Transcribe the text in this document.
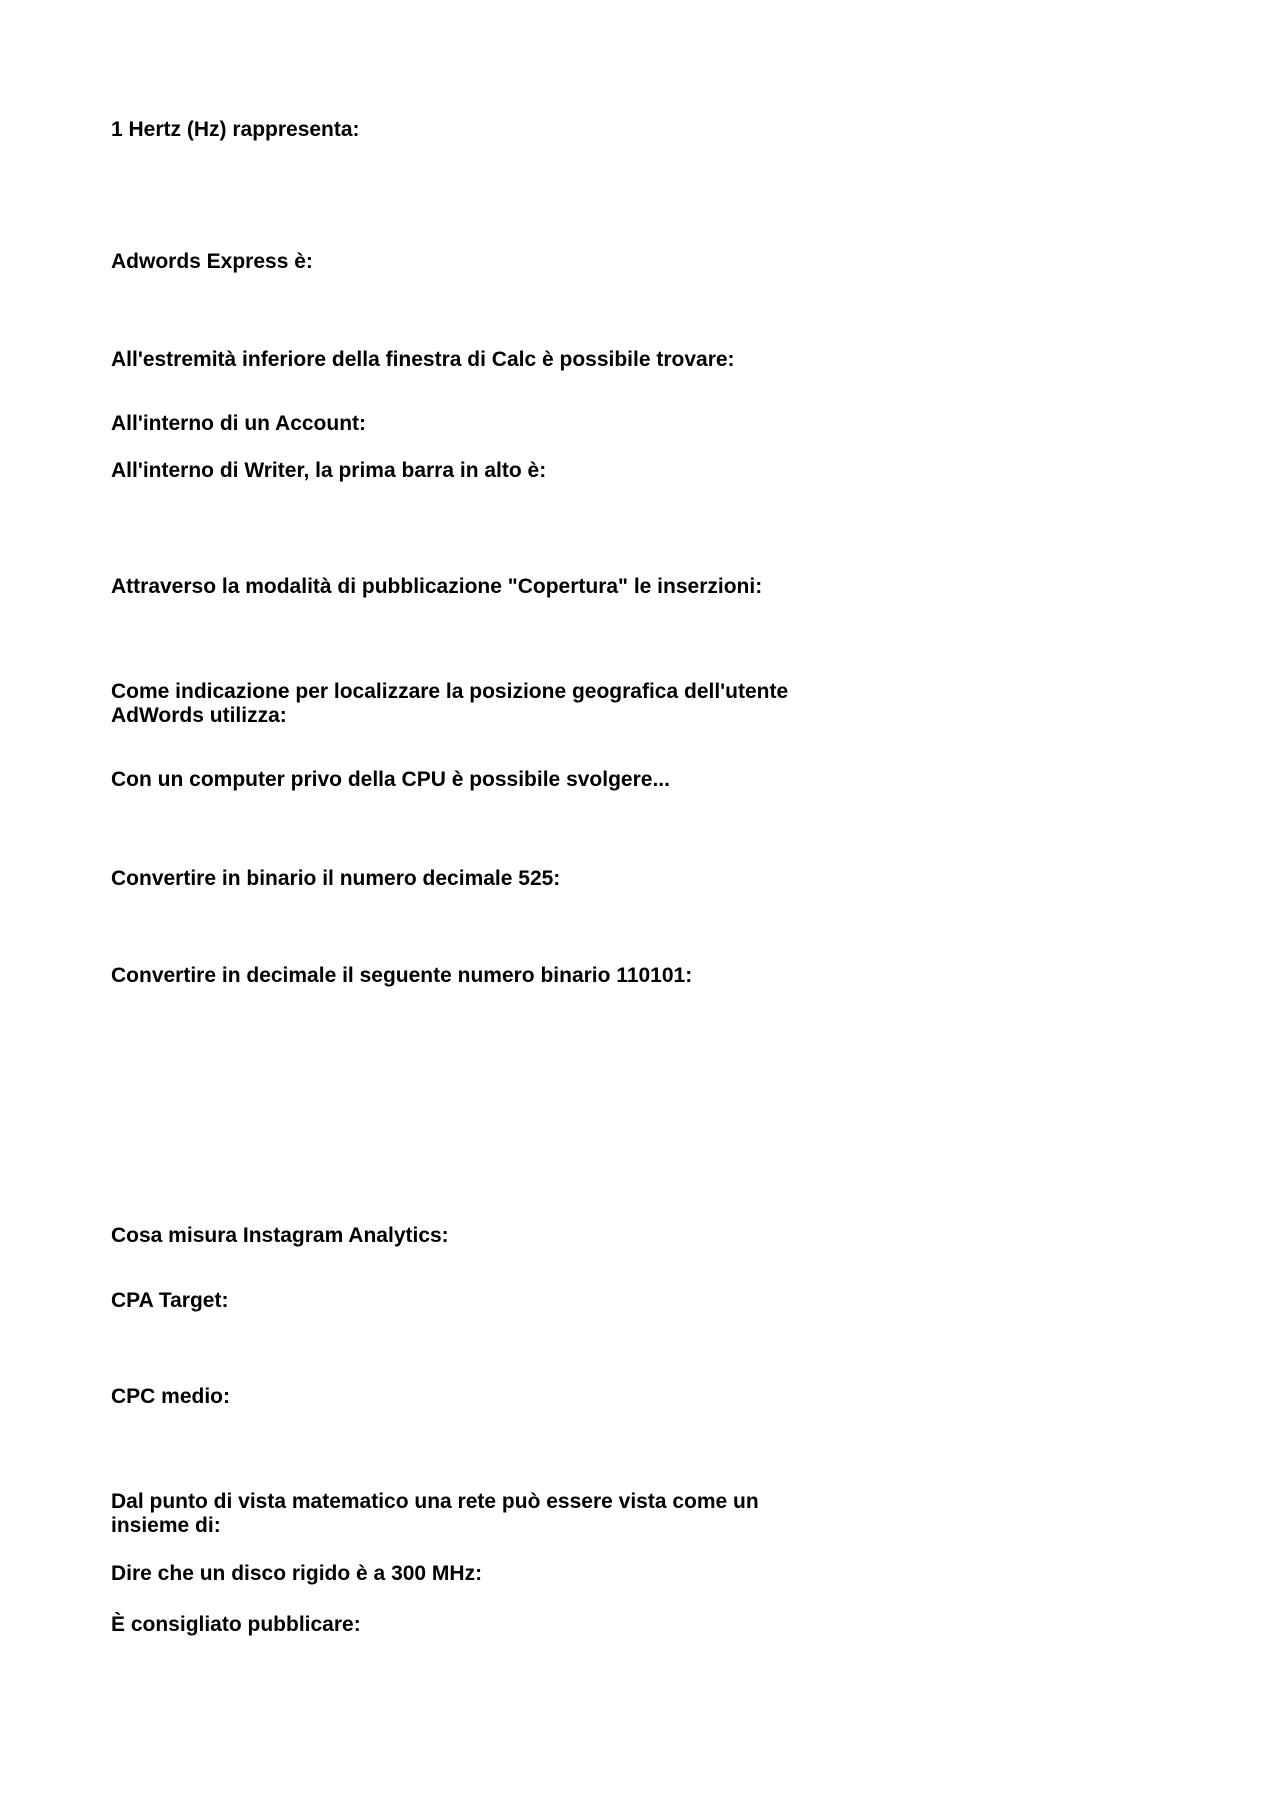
1 Hertz (Hz) rappresenta:
Adwords Express è:
All'estremità inferiore della finestra di Calc è possibile trovare:
All'interno di un Account:
All'interno di Writer, la prima barra in alto è:
Attraverso la modalità di pubblicazione "Copertura" le inserzioni:
Come indicazione per localizzare la posizione geografica dell'utente AdWords utilizza:
Con un computer privo della CPU è possibile svolgere...
Convertire in binario il numero decimale 525:
Convertire in decimale il seguente numero binario 110101:
Cosa misura Instagram Analytics:
CPA Target:
CPC medio:
Dal punto di vista matematico una rete può essere vista come un insieme di:
Dire che un disco rigido è a 300 MHz:
È consigliato pubblicare:
